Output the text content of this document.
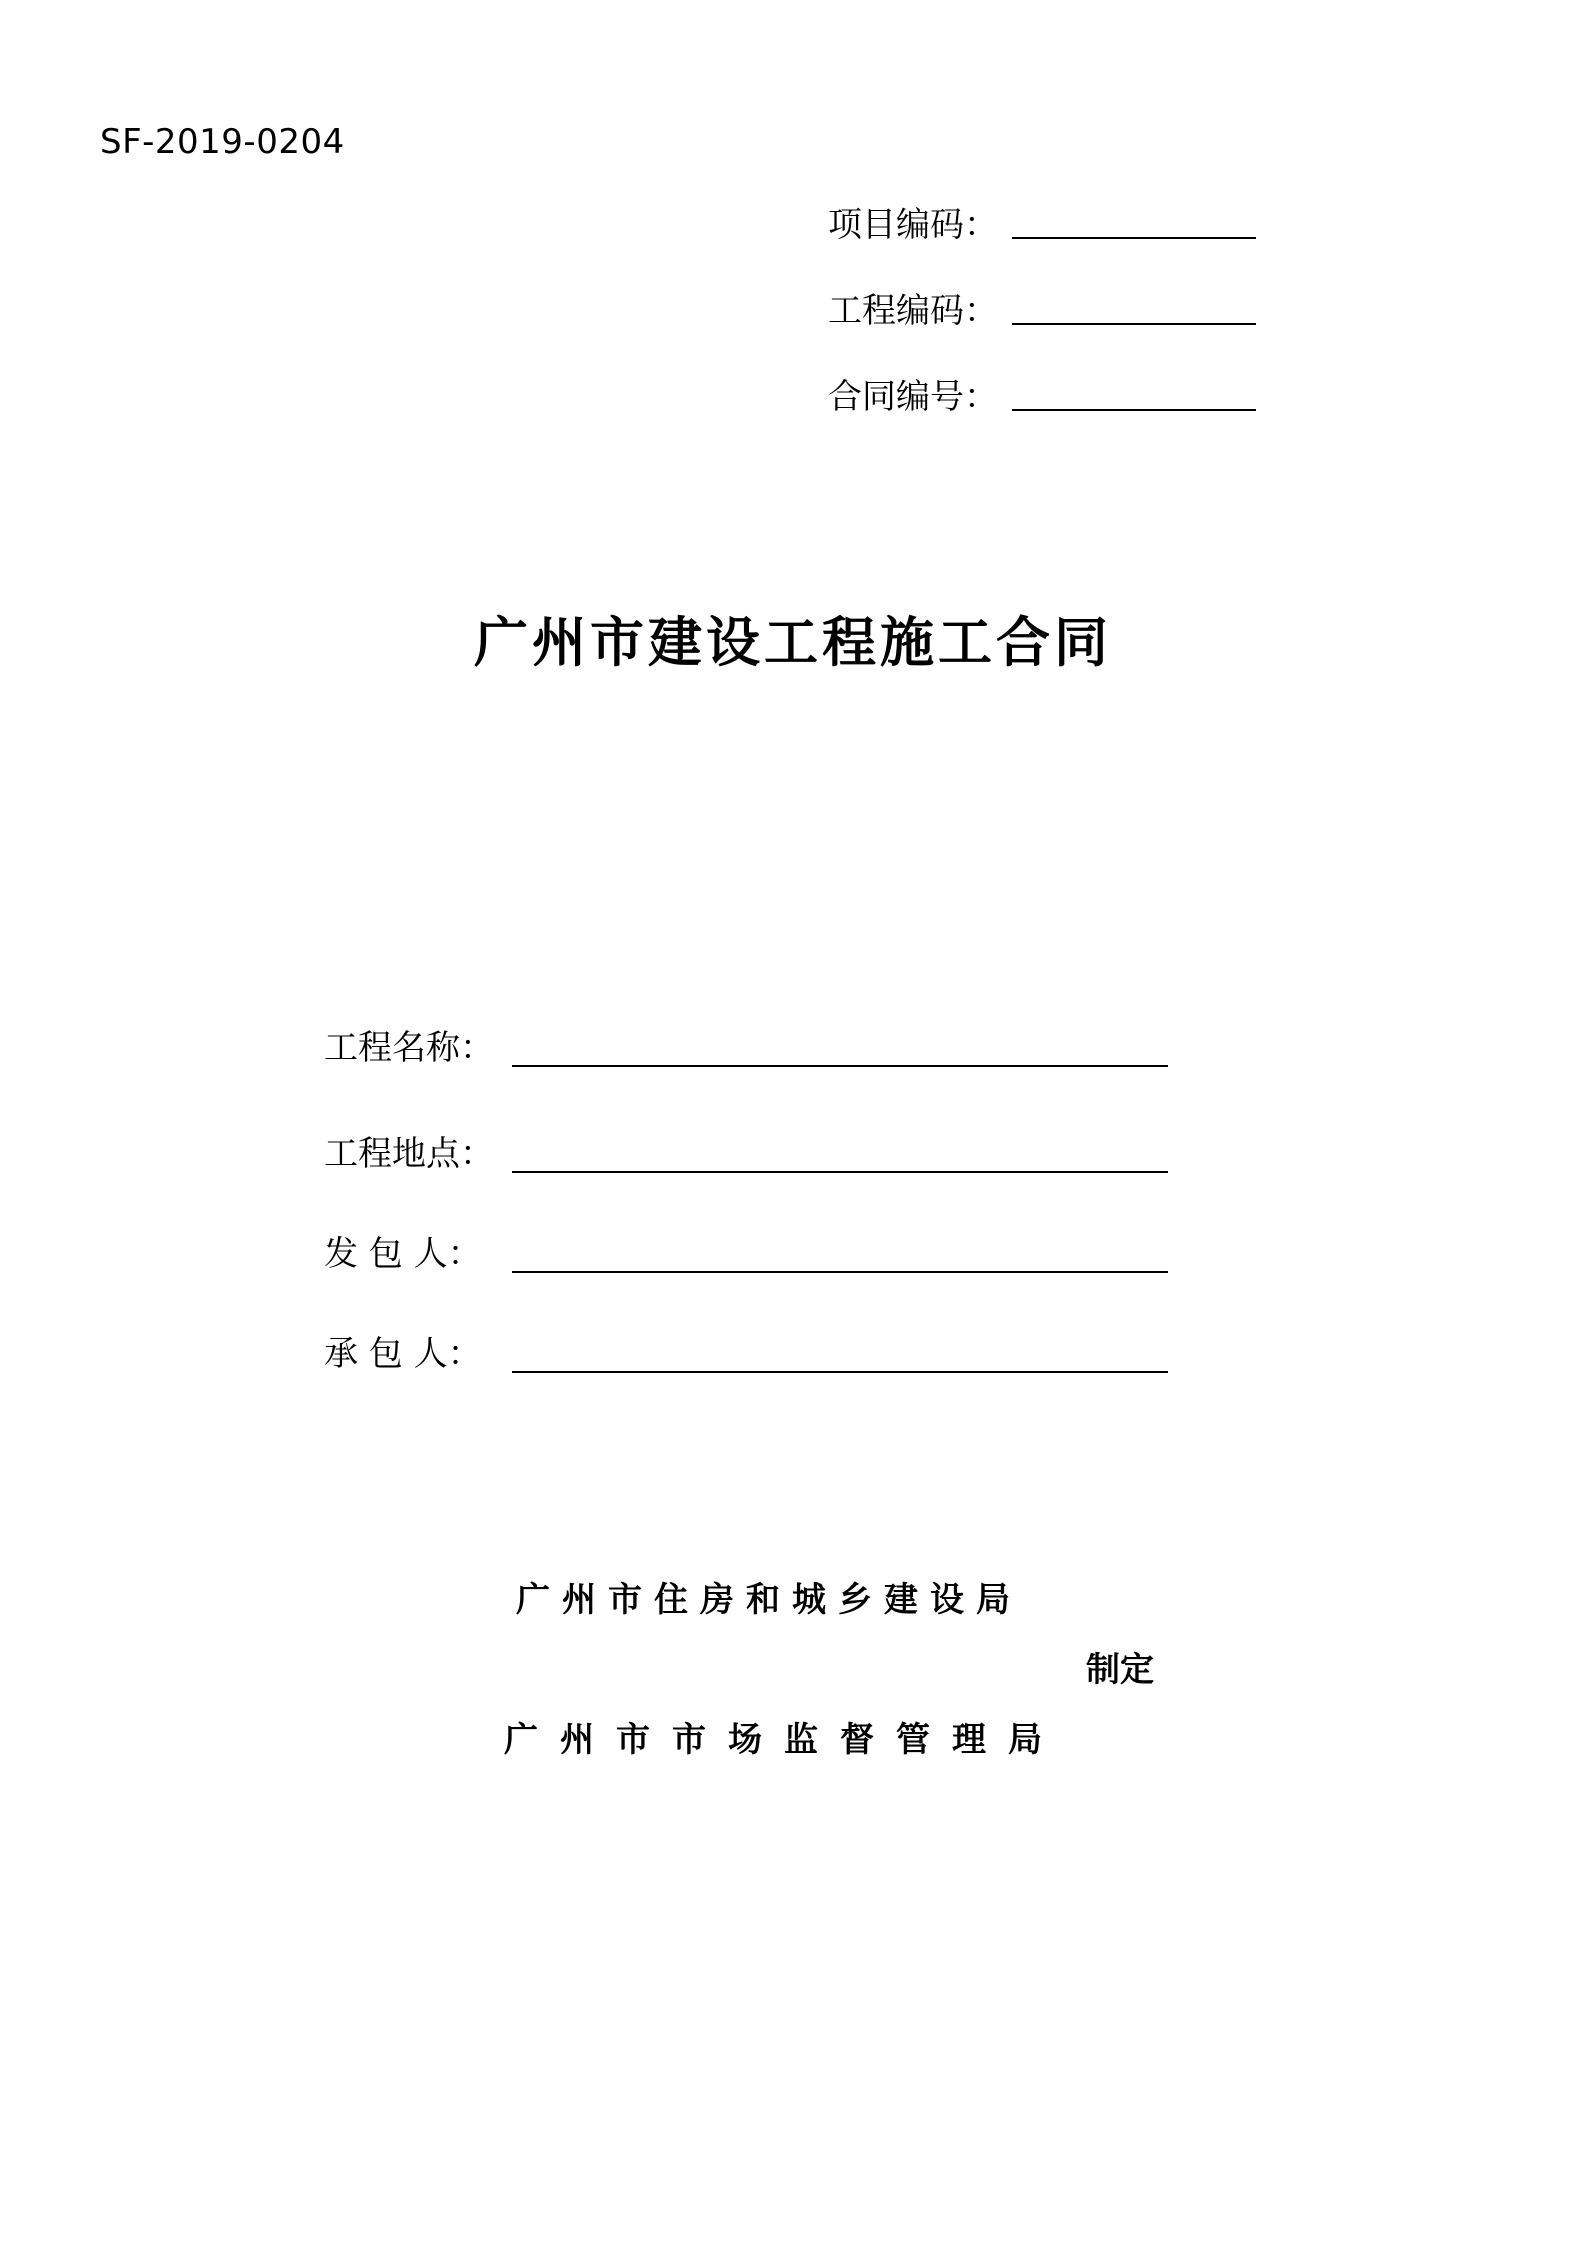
SF-2019-0204
项目编码：
工程编码：
合同编号：
广州市建设工程施工合同
工程名称：
工程地点：
发 包 人：
承 包 人：
广州市住房和城乡建设局
制定
广州市市场监督管理局
